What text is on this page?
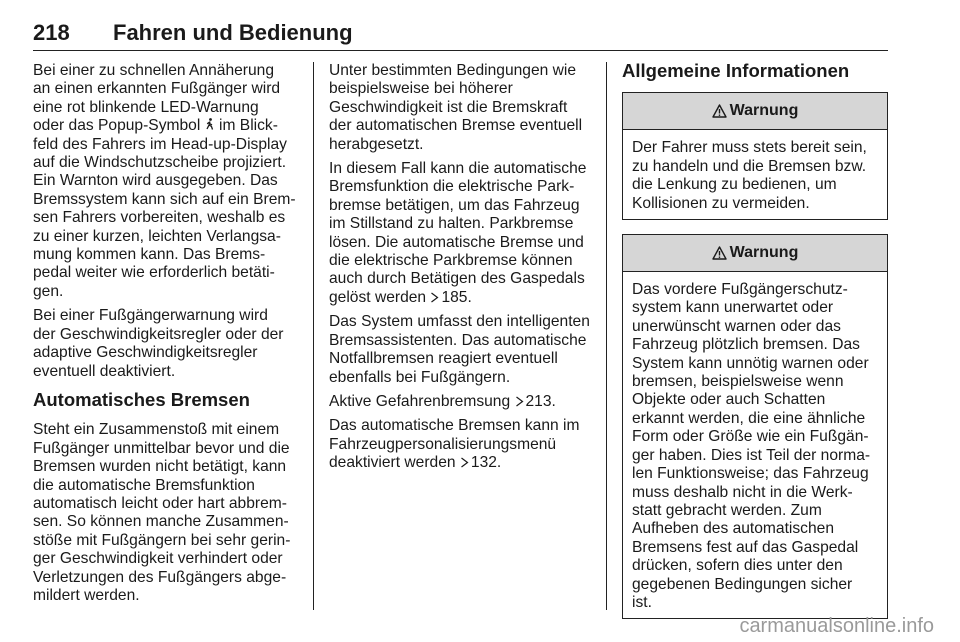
218 Fahren und Bedienung

Bei einer zu schnellen Annäherung
an einen erkannten Fußgänger wird
eine rot blinkende LED-Warnung
oder das Popup-Symbol im Blick-
feld des Fahrers im Head-up-Display
auf die Windschutzscheibe projiziert.
Ein Warnton wird ausgegeben. Das
Bremssystem kann sich auf ein Brem-
sen Fahrers vorbereiten, weshalb es
zu einer kurzen, leichten Verlangsa-
mung kommen kann. Das Brems-
pedal weiter wie erforderlich betäti-
gen.

Bei einer Fußgängerwarnung wird
der Geschwindigkeitsregler oder der
adaptive Geschwindigkeitsregler
eventuell deaktiviert.

Automatisches Bremsen

Steht ein Zusammenstoß mit einem
Fußgänger unmittelbar bevor und die
Bremsen wurden nicht betätigt, kann
die automatische Bremsfunktion
automatisch leicht oder hart abbrem-
sen. So können manche Zusammen-
stöße mit Fußgängern bei sehr gerin-
ger Geschwindigkeit verhindert oder
Verletzungen des Fußgängers abge-
mildert werden.

Unter bestimmten Bedingungen wie
beispielsweise bei höherer
Geschwindigkeit ist die Bremskraft
der automatischen Bremse eventuell
herabgesetzt.

In diesem Fall kann die automatische
Bremsfunktion die elektrische Park-
bremse betätigen, um das Fahrzeug
im Stillstand zu halten. Parkbremse
lösen. Die automatische Bremse und
die elektrische Parkbremse können
auch durch Betätigen des Gaspedals
gelöst werden 185.

Das System umfasst den intelligenten
Bremsassistenten. Das automatische
Notfallbremsen reagiert eventuell
ebenfalls bei Fußgängern.

Aktive Gefahrenbremsung 213.

Das automatische Bremsen kann im
Fahrzeugpersonalisierungsmenü
deaktiviert werden 132.

Allgemeine Informationen
Warnung
Der Fahrer muss stets bereit sein,
zu handeln und die Bremsen bzw.
die Lenkung zu bedienen, um
Kollisionen zu vermeiden.
Warnung
Das vordere Fußgängerschutz-
system kann unerwartet oder
unerwünscht warnen oder das
Fahrzeug plötzlich bremsen. Das
System kann unnötig warnen oder
bremsen, beispielsweise wenn
Objekte oder auch Schatten
erkannt werden, die eine ähnliche
Form oder Größe wie ein Fußgän-
ger haben. Dies ist Teil der norma-
len Funktionsweise; das Fahrzeug
muss deshalb nicht in die Werk-
statt gebracht werden. Zum
Aufheben des automatischen
Bremsens fest auf das Gaspedal
drücken, sofern dies unter den
gegebenen Bedingungen sicher
ist.
carmanualsonline.info
